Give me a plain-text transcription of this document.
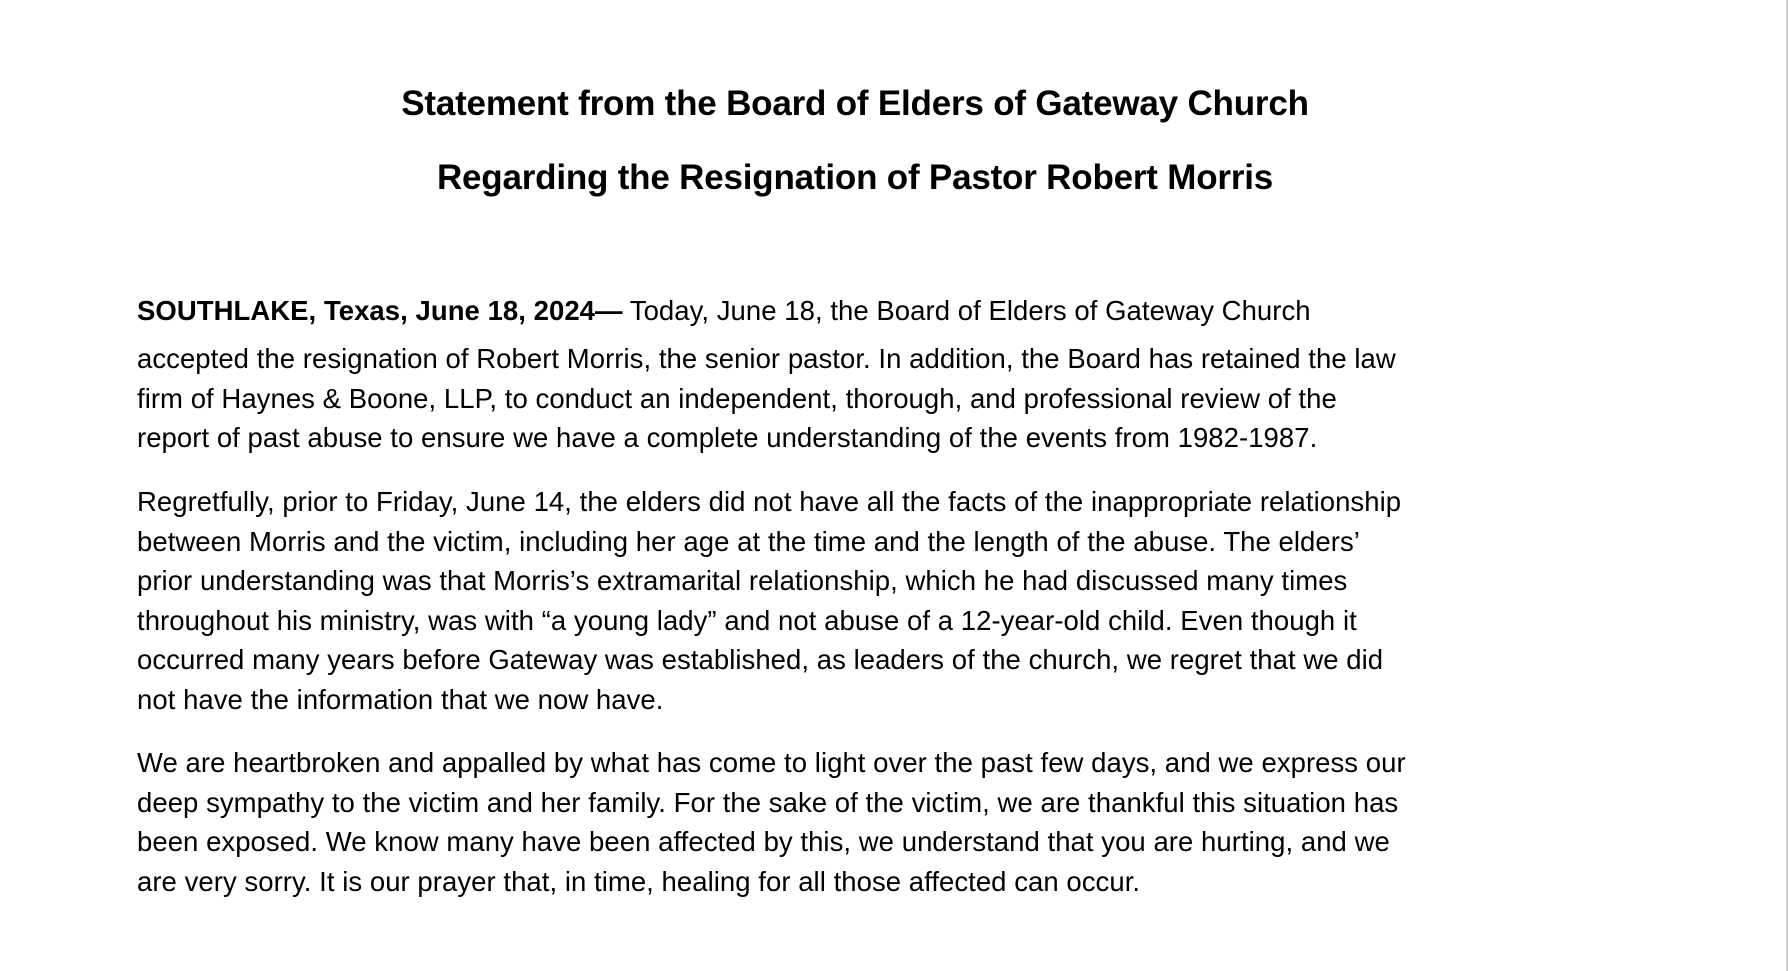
Statement from the Board of Elders of Gateway Church
Regarding the Resignation of Pastor Robert Morris
SOUTHLAKE, Texas, June 18, 2024— Today, June 18, the Board of Elders of Gateway Church
accepted the resignation of Robert Morris, the senior pastor. In addition, the Board has retained the law
firm of Haynes & Boone, LLP, to conduct an independent, thorough, and professional review of the
report of past abuse to ensure we have a complete understanding of the events from 1982-1987.
Regretfully, prior to Friday, June 14, the elders did not have all the facts of the inappropriate relationship
between Morris and the victim, including her age at the time and the length of the abuse. The elders’
prior understanding was that Morris’s extramarital relationship, which he had discussed many times
throughout his ministry, was with “a young lady” and not abuse of a 12-year-old child. Even though it
occurred many years before Gateway was established, as leaders of the church, we regret that we did
not have the information that we now have.
We are heartbroken and appalled by what has come to light over the past few days, and we express our
deep sympathy to the victim and her family. For the sake of the victim, we are thankful this situation has
been exposed. We know many have been affected by this, we understand that you are hurting, and we
are very sorry. It is our prayer that, in time, healing for all those affected can occur.
